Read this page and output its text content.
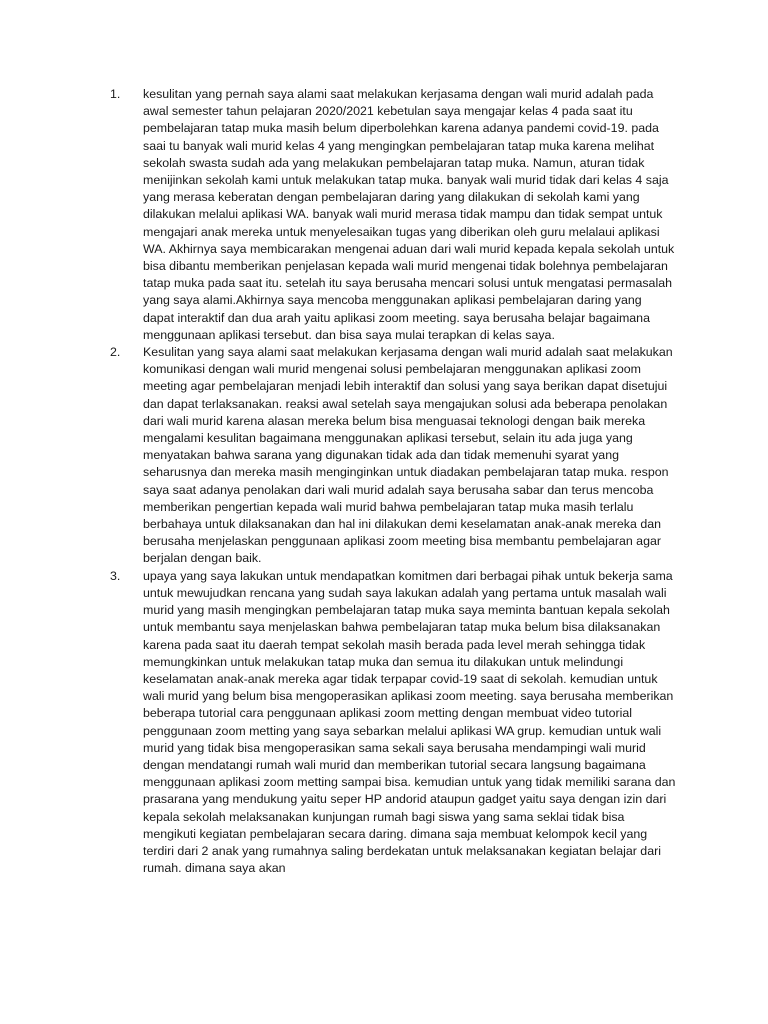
1. kesulitan yang pernah saya alami saat melakukan kerjasama dengan wali murid adalah pada awal semester tahun pelajaran 2020/2021 kebetulan saya mengajar kelas 4 pada saat itu pembelajaran tatap muka masih belum diperbolehkan karena adanya pandemi covid-19. pada saai tu banyak wali murid kelas 4 yang mengingkan pembelajaran tatap muka karena melihat sekolah swasta sudah ada yang melakukan pembelajaran tatap muka. Namun, aturan tidak menijinkan sekolah kami untuk melakukan tatap muka. banyak wali murid tidak dari kelas 4 saja yang merasa keberatan dengan pembelajaran daring yang dilakukan di sekolah kami yang dilakukan melalui aplikasi WA. banyak wali murid merasa tidak mampu dan tidak sempat untuk mengajari anak mereka untuk menyelesaikan tugas yang diberikan oleh guru melalaui aplikasi WA. Akhirnya saya membicarakan mengenai aduan dari wali murid kepada kepala sekolah untuk bisa dibantu memberikan penjelasan kepada wali murid mengenai tidak bolehnya pembelajaran tatap muka pada saat itu. setelah itu saya berusaha mencari solusi untuk mengatasi permasalah yang saya alami.Akhirnya saya mencoba menggunakan aplikasi pembelajaran daring yang dapat interaktif dan dua arah yaitu aplikasi zoom meeting. saya berusaha belajar bagaimana menggunaan aplikasi tersebut. dan bisa saya mulai terapkan di kelas saya.
2. Kesulitan yang saya alami saat melakukan kerjasama dengan wali murid adalah saat melakukan komunikasi dengan wali murid mengenai solusi pembelajaran menggunakan aplikasi zoom meeting agar pembelajaran menjadi lebih interaktif dan solusi yang saya berikan dapat disetujui dan dapat terlaksanakan. reaksi awal setelah saya mengajukan solusi ada beberapa penolakan dari wali murid karena alasan mereka belum bisa menguasai teknologi dengan baik mereka mengalami kesulitan bagaimana menggunakan aplikasi tersebut, selain itu ada juga yang menyatakan bahwa sarana yang digunakan tidak ada dan tidak memenuhi syarat yang seharusnya dan mereka masih menginginkan untuk diadakan pembelajaran tatap muka. respon saya saat adanya penolakan dari wali murid adalah saya berusaha sabar dan terus mencoba memberikan pengertian kepada wali murid bahwa pembelajaran tatap muka masih terlalu berbahaya untuk dilaksanakan dan hal ini dilakukan demi keselamatan anak-anak mereka dan berusaha menjelaskan penggunaan aplikasi zoom meeting bisa membantu pembelajaran agar berjalan dengan baik.
3. upaya yang saya lakukan untuk mendapatkan komitmen dari berbagai pihak untuk bekerja sama untuk mewujudkan rencana yang sudah saya lakukan adalah yang pertama untuk masalah wali murid yang masih mengingkan pembelajaran tatap muka saya meminta bantuan kepala sekolah untuk membantu saya menjelaskan bahwa pembelajaran tatap muka belum bisa dilaksanakan karena pada saat itu daerah tempat sekolah masih berada pada level merah sehingga tidak memungkinkan untuk melakukan tatap muka dan semua itu dilakukan untuk melindungi keselamatan anak-anak mereka agar tidak terpapar covid-19 saat di sekolah. kemudian untuk wali murid yang belum bisa mengoperasikan aplikasi zoom meeting. saya berusaha memberikan beberapa tutorial cara penggunaan aplikasi zoom metting dengan membuat video tutorial penggunaan zoom metting yang saya sebarkan melalui aplikasi WA grup. kemudian untuk wali murid yang tidak bisa mengoperasikan sama sekali saya berusaha mendampingi wali murid dengan mendatangi rumah wali murid dan memberikan tutorial secara langsung bagaimana menggunaan aplikasi zoom metting sampai bisa. kemudian untuk yang tidak memiliki sarana dan prasarana yang mendukung yaitu seper HP andorid ataupun gadget yaitu saya dengan izin dari kepala sekolah melaksanakan kunjungan rumah bagi siswa yang sama seklai tidak bisa mengikuti kegiatan pembelajaran secara daring. dimana saja membuat kelompok kecil yang terdiri dari 2 anak yang rumahnya saling berdekatan untuk melaksanakan kegiatan belajar dari rumah. dimana saya akan
